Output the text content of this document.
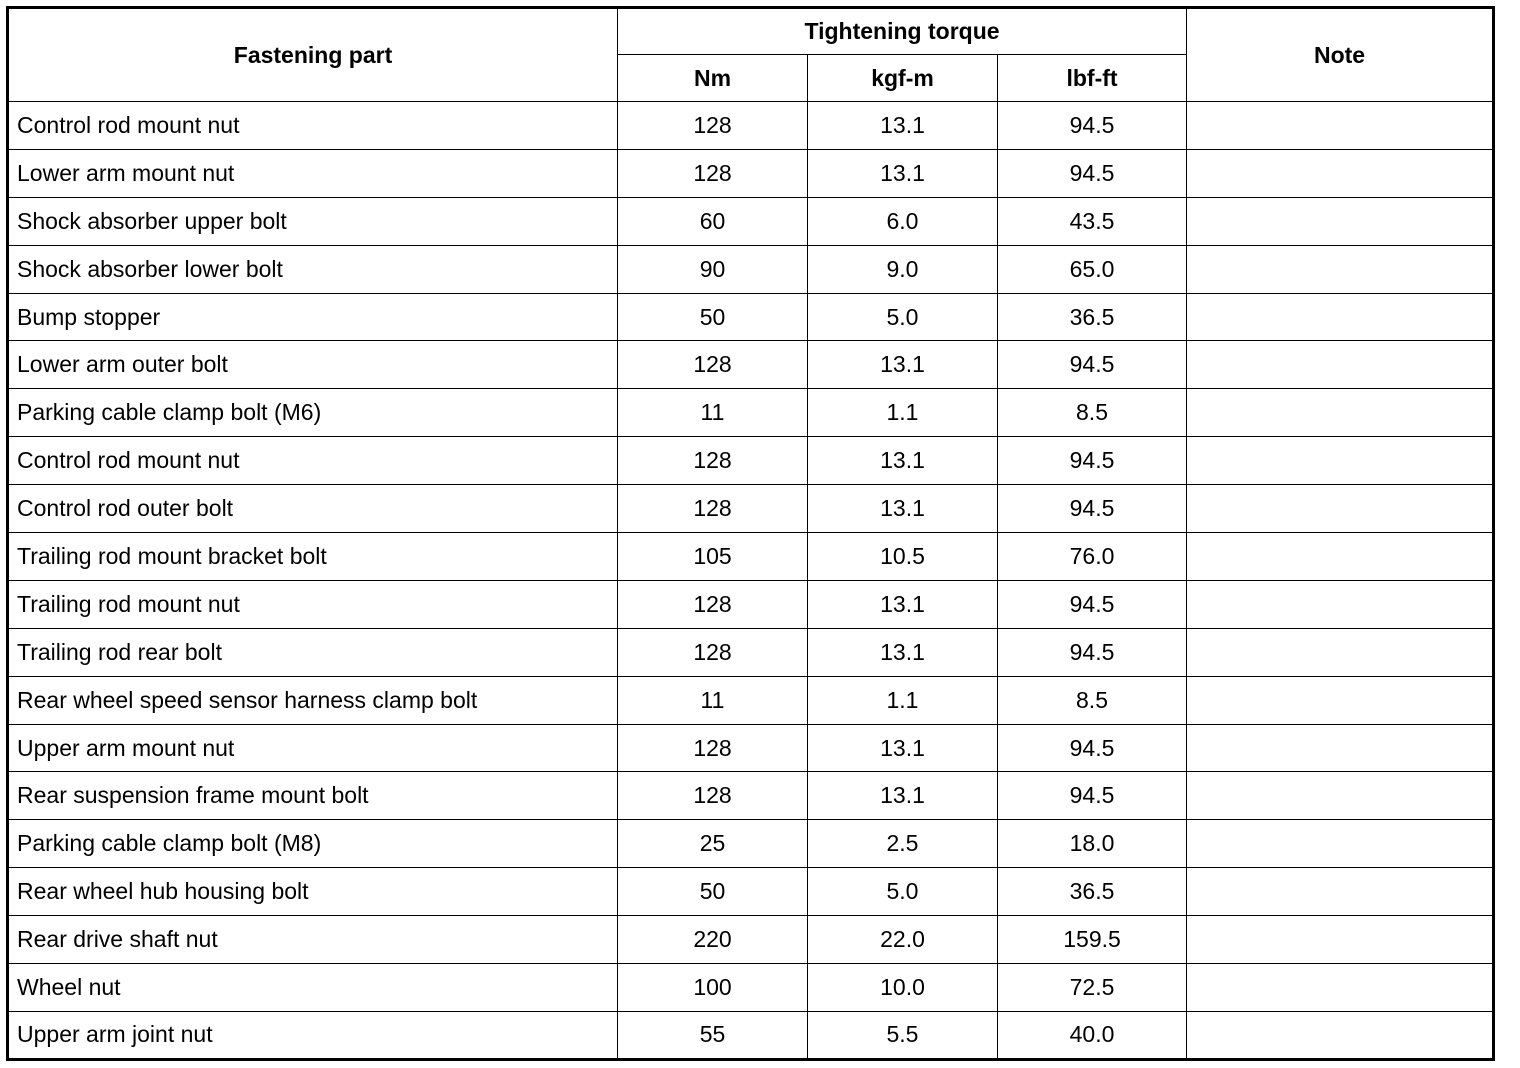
Fastening part	Tightening torque			Note
	Nm	kgf-m	lbf-ft	
Control rod mount nut	128	13.1	94.5	
Lower arm mount nut	128	13.1	94.5	
Shock absorber upper bolt	60	6.0	43.5	
Shock absorber lower bolt	90	9.0	65.0	
Bump stopper	50	5.0	36.5	
Lower arm outer bolt	128	13.1	94.5	
Parking cable clamp bolt (M6)	11	1.1	8.5	
Control rod mount nut	128	13.1	94.5	
Control rod outer bolt	128	13.1	94.5	
Trailing rod mount bracket bolt	105	10.5	76.0	
Trailing rod mount nut	128	13.1	94.5	
Trailing rod rear bolt	128	13.1	94.5	
Rear wheel speed sensor harness clamp bolt	11	1.1	8.5	
Upper arm mount nut	128	13.1	94.5	
Rear suspension frame mount bolt	128	13.1	94.5	
Parking cable clamp bolt (M8)	25	2.5	18.0	
Rear wheel hub housing bolt	50	5.0	36.5	
Rear drive shaft nut	220	22.0	159.5	
Wheel nut	100	10.0	72.5	
Upper arm joint nut	55	5.5	40.0	
